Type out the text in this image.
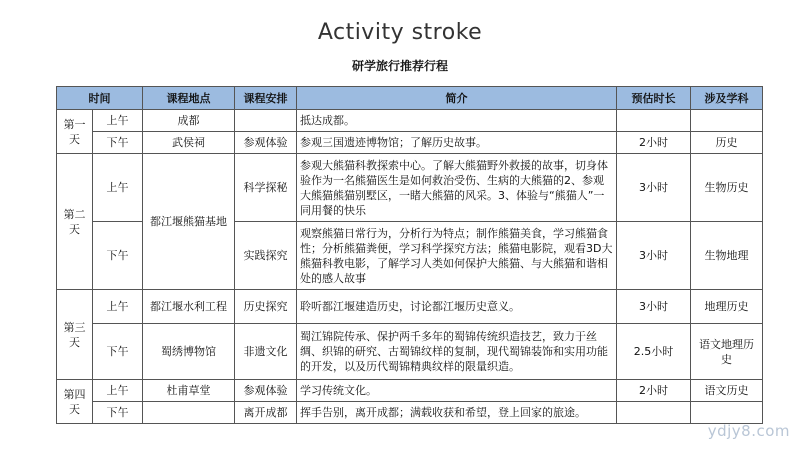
Activity stroke
研学旅行推荐行程
时间		课程地点	课程安排	简介	预估时长	涉及学科
第一天	上午	成都		抵达成都。		
	下午	武侯祠	参观体验	参观三国遗迹博物馆；了解历史故事。	2小时	历史
第二天	上午	都江堰熊猫基地	科学探秘	参观大熊猫科教探索中心。了解大熊猫野外救援的故事，切身体验作为一名熊猫医生是如何救治受伤、生病的大熊猫的2、参观大熊猫熊猫别墅区，一睹大熊猫的风采。3、体验与“熊猫人”一同用餐的快乐	3小时	生物历史
	下午		实践探究	观察熊猫日常行为，分析行为特点；制作熊猫美食，学习熊猫食性；分析熊猫粪便，学习科学探究方法；熊猫电影院，观看3D大熊猫科教电影，了解学习人类如何保护大熊猫、与大熊猫和谐相处的感人故事	3小时	生物地理
第三天	上午	都江堰水利工程	历史探究	聆听都江堰建造历史，讨论都江堰历史意义。	3小时	地理历史
	下午	蜀绣博物馆	非遗文化	蜀江锦院传承、保护两千多年的蜀锦传统织造技艺，致力于丝绸、织锦的研究、古蜀锦纹样的复制，现代蜀锦装饰和实用功能的开发，以及历代蜀锦精典纹样的限量织造。	2.5小时	语文地理历史
第四天	上午	杜甫草堂	参观体验	学习传统文化。	2小时	语文历史
	下午		离开成都	挥手告别，离开成都；满载收获和希望，登上回家的旅途。		
ydjy8.com
